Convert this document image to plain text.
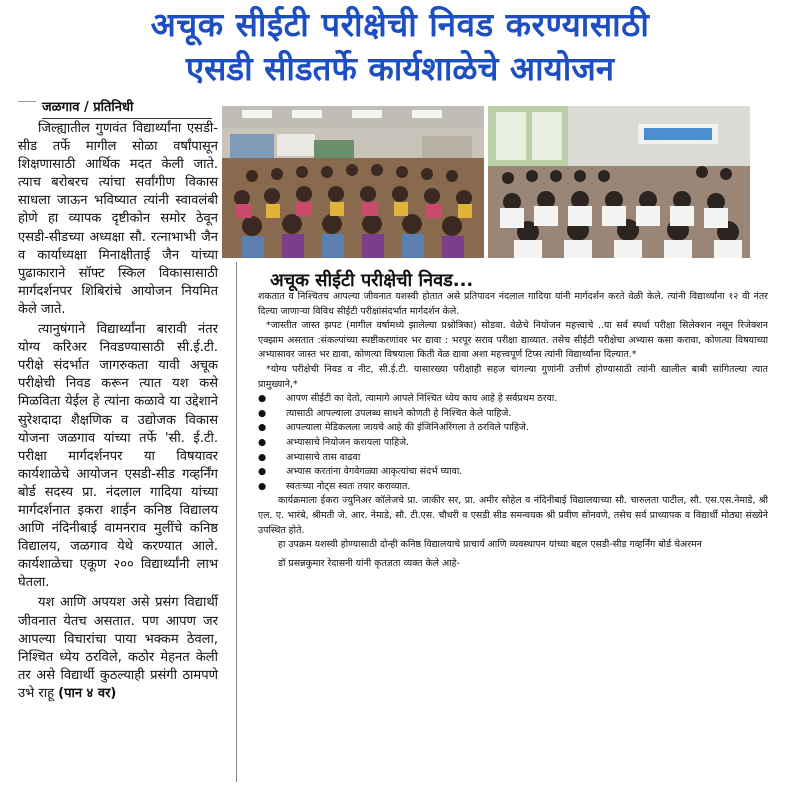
अचूक सीईटी परीक्षेची निवड करण्यासाठी
एसडी सीडतर्फे कार्यशाळेचे आयोजन
जळगाव / प्रतिनिधी

जिल्ह्यातील गुणवंत विद्यार्थ्यांना एसडी-सीड तर्फे मागील सोळा वर्षांपासून शिक्षणासाठी आर्थिक मदत केली जाते. त्याच बरोबरच त्यांचा सर्वांगीण विकास साधला जाऊन भविष्यात त्यांनी स्वावलंबी होणे हा व्यापक दृष्टीकोन समोर ठेवून एसडी-सीडच्या अध्यक्षा सौ. रत्नाभाभी जैन व कार्याध्यक्षा मिनाक्षीताई जैन यांच्या पुढाकाराने सॉफ्ट स्किल विकासासाठी मार्गदर्शनपर शिबिरांचे आयोजन नियमित केले जाते.

त्यानुषंगाने विद्यार्थ्यांना बारावी नंतर योग्य करिअर निवडण्यासाठी सी.ई.टी. परीक्षे संदर्भात जागरुकता यावी अचूक परीक्षेची निवड करून त्यात यश कसे मिळविता येईल हे त्यांना कळावे या उद्देशाने सुरेशदादा शैक्षणिक व उद्योजक विकास योजना जळगाव यांच्या तर्फे 'सी. ई.टी. परीक्षा मार्गदर्शनपर या विषयावर कार्यशाळेचे आयोजन एसडी-सीड गव्हर्निंग बोर्ड सदस्य प्रा. नंदलाल गादिया यांच्या मार्गदर्शनात इकरा शाईन कनिष्ठ विद्यालय आणि नंदिनीबाई वामनराव मुलींचे कनिष्ठ विद्यालय, जळगाव येथे करण्यात आले. कार्यशाळेचा एकूण २०० विद्यार्थ्यांनी लाभ घेतला.

यश आणि अपयश असे प्रसंग विद्यार्थी जीवनात येतच असतात. पण आपण जर आपल्या विचारांचा पाया भक्कम ठेवला, निश्चित ध्येय ठरविले, कठोर मेहनत केली तर असे विद्यार्थी कुठल्याही प्रसंगी ठामपणे उभे राहू (पान ४ वर)

अचूक सीईटी परीक्षेची निवड...

शकतात व निश्चितच आपल्या जीवनात यशस्वी होतात असे प्रतिपादन नंदलाल गादिया यांनी मार्गदर्शन करते वेळी केले. त्यांनी विद्यार्थ्यांना १२ वी नंतर दिल्या जाणाऱ्या विविध सीईटी परीक्षांसंदर्भात मार्गदर्शन केले.

*जास्तीत जास्त झपट (मागील वर्षामध्ये झालेल्या प्रश्नोत्रिका) सोडवा. वेळेचे नियोजन महत्त्वाचे ..या सर्व स्पर्धा परीक्षा सिलेक्शन नसून रिजेक्शन एक्झाम असतात :संकल्पांच्या स्पष्टीकरणांवर भर द्यावा : भरपूर सराव परीक्षा द्याव्यात. तसेच सीईटी परीक्षेचा अभ्यास कसा करावा, कोणत्या विषयाच्या अभ्यासावर जास्त भर द्यावा, कोणत्या विषयाला किती वेळ द्यावा अशा महत्त्वपूर्ण टिप्स त्यांनी विद्यार्थ्यांना दिल्यात.*

*योग्य परीक्षेची निवड व नीट, सी.ई.टी. यासारख्या परीक्षाही सहज चांगल्या गुणांनी उत्तीर्ण होण्यासाठी त्यांनी खालील बाबी सांगितल्या त्यात प्रामुख्याने,*

●	आपण सीईटी का देतो, त्यामागे आपले निश्चित ध्येय काय आहे हे सर्वप्रथम ठरवा.
●	त्यासाठी आपल्याला उपलब्ध साधने कोणती हे निश्चित केले पाहिजे.
●	आपल्याला मेडिकलला जायचे आहे की इंजिनिअरिंगला ते ठरविले पाहिजे.
●	अभ्यासाचे नियोजन करायला पाहिजे.
●	अभ्यासाचे तास वाढवा
●	अभ्यास करतांना वेगवेगळ्या आकृत्यांचा संदर्भ घ्यावा.
●	स्वतःच्या नोट्स स्वतः तयार कराव्यात.

कार्यक्रमाला ईकरा ज्युनिअर कॉलेजचे प्रा. जाकीर सर, प्रा. अमीर सोहेल व नंदिनीबाई विद्यालयाच्या सौ. चारुलता पाटील, सौ. एस.एस.नेमाडे, श्री एल. ए. भारंबे, श्रीमती जे. आर. नेमाडे, सौ. टी.एस. चौधरी व एसडी सीड समन्वयक श्री प्रवीण सोनवणे, तसेच सर्व प्राध्यापक व विद्यार्थी मोठ्या संख्येने उपस्थित होते.

हा उपक्रम यशस्वी होण्यासाठी दोन्ही कनिष्ठ विद्यालयाचे प्राचार्य आणि व्यवस्थापन यांच्या बद्दल एसडी-सीड गव्हर्निंग बोर्ड चेअरमन

डॉ प्रसन्नकुमार रेदासनी यांनी कृतज्ञता व्यक्त केले आहे-
